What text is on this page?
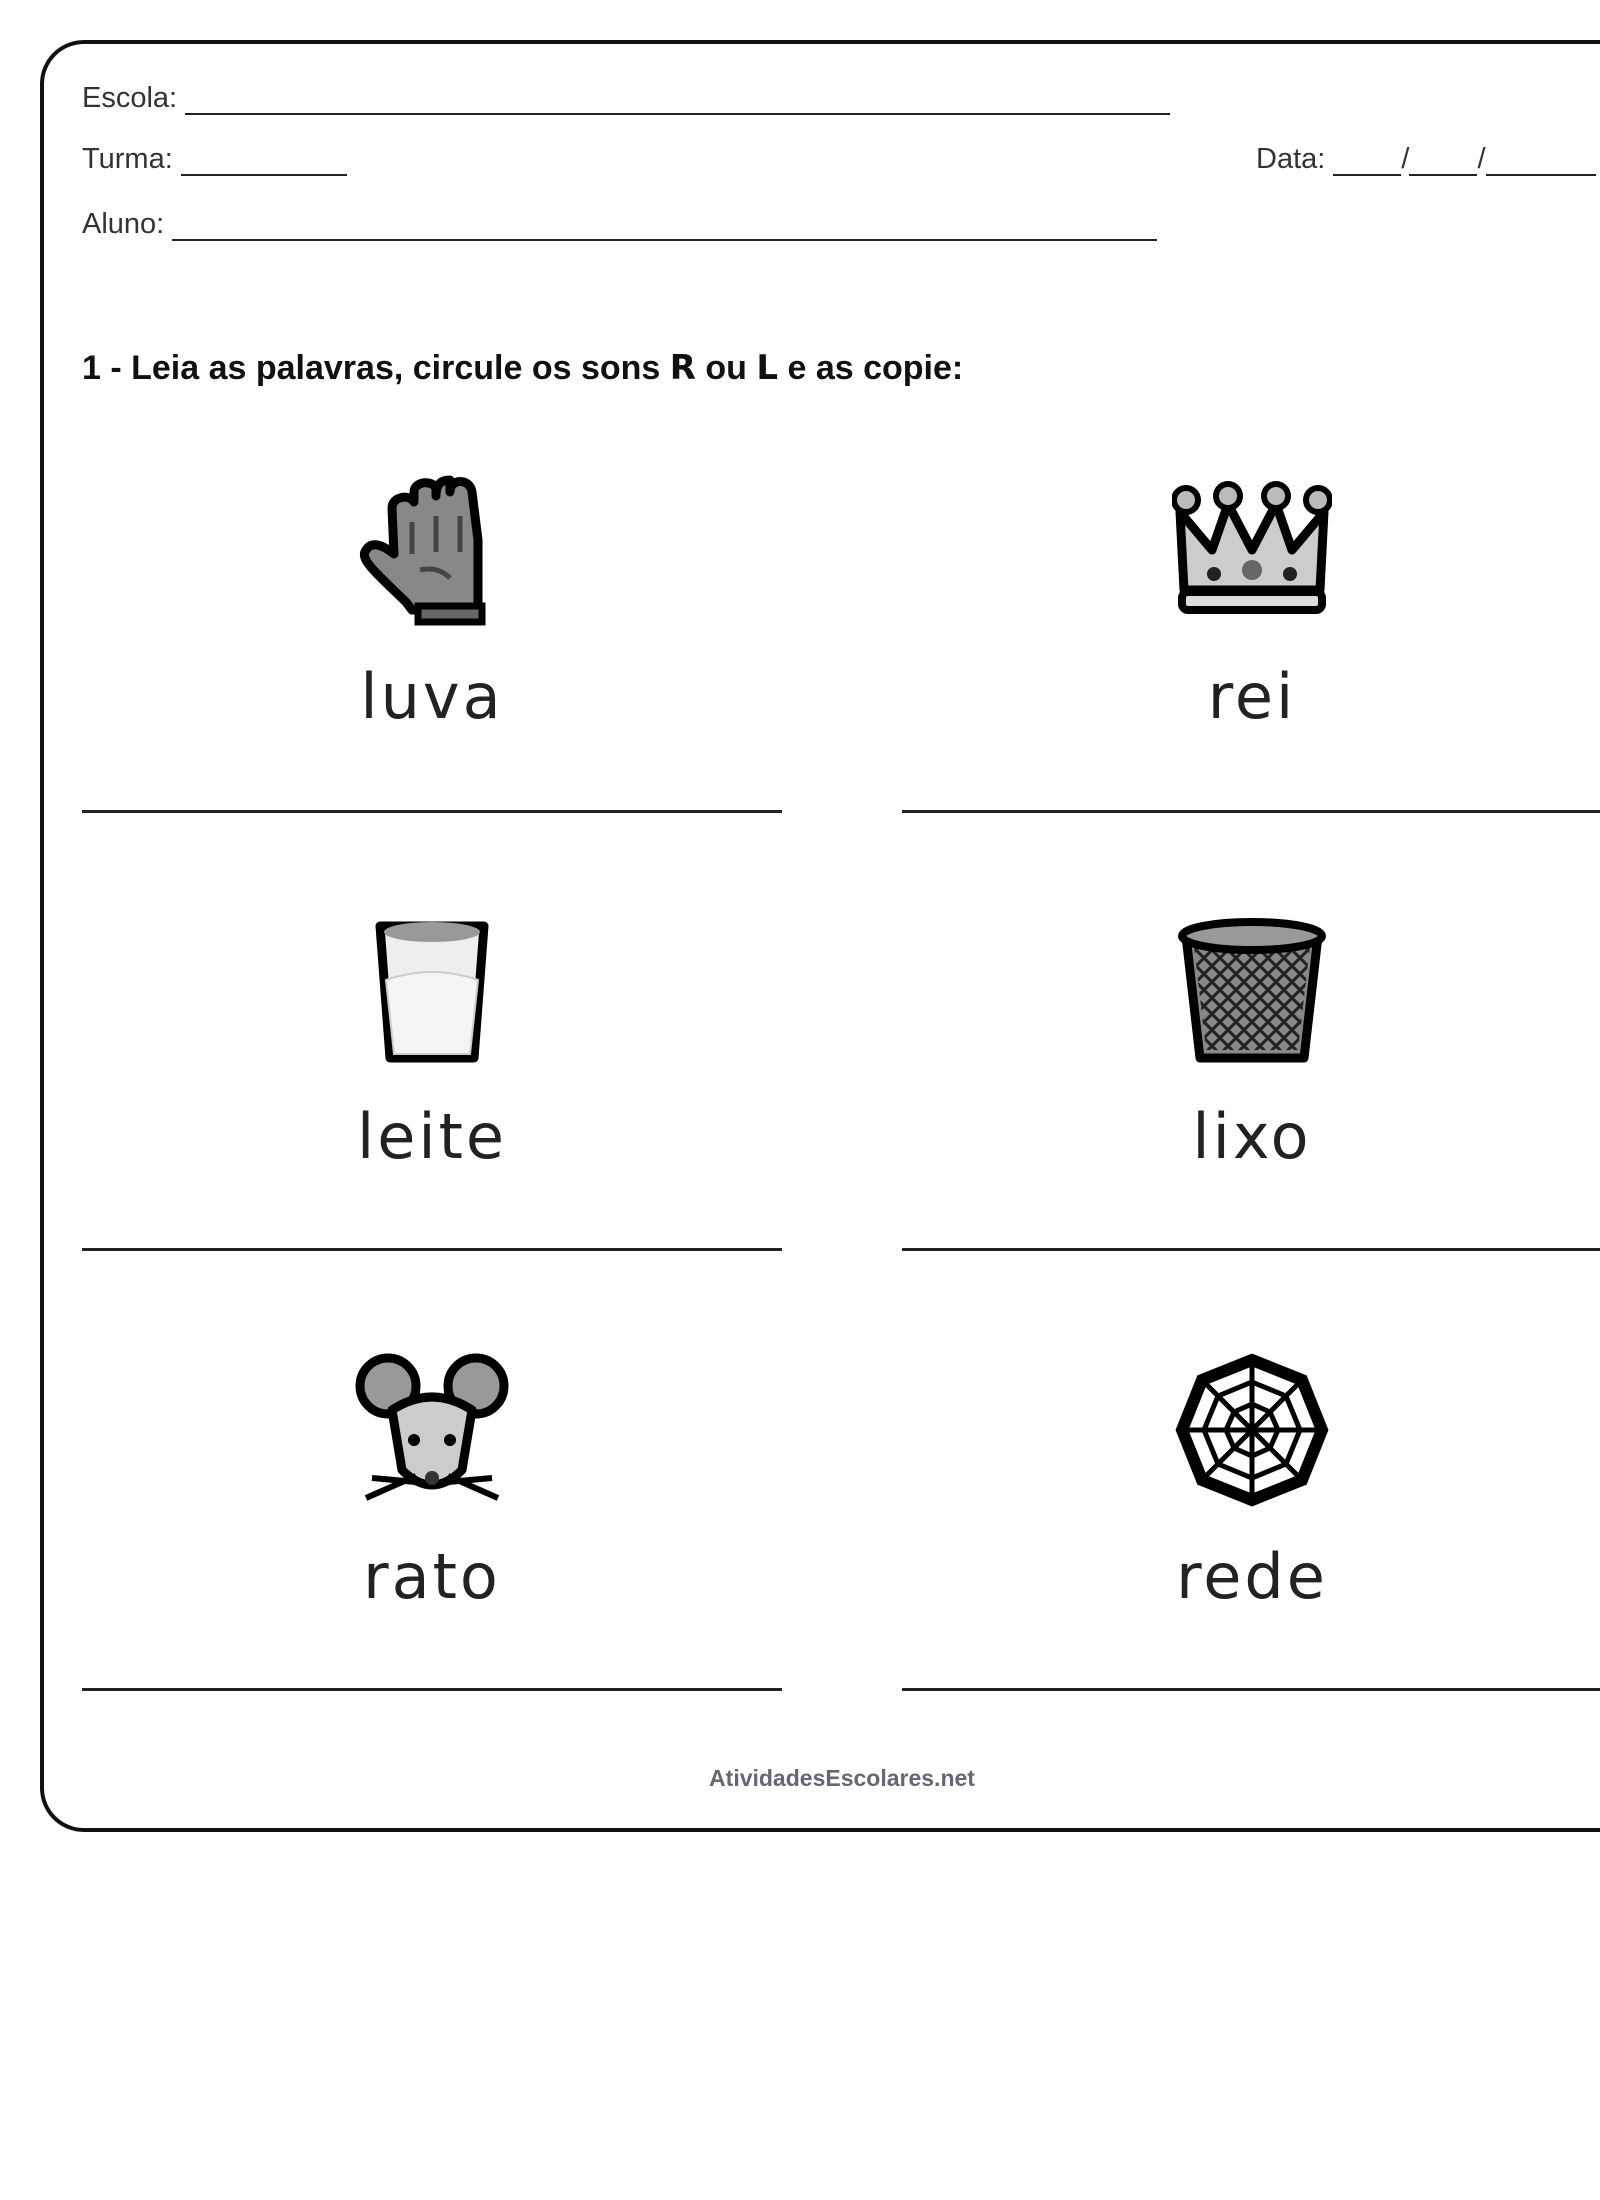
Escola:
Turma:	Data:	/ /
Aluno:
1 - Leia as palavras, circule os sons R ou L e as copie:
luva	rei
leite	lixo
rato	rede
AtividadesEscolares.net
